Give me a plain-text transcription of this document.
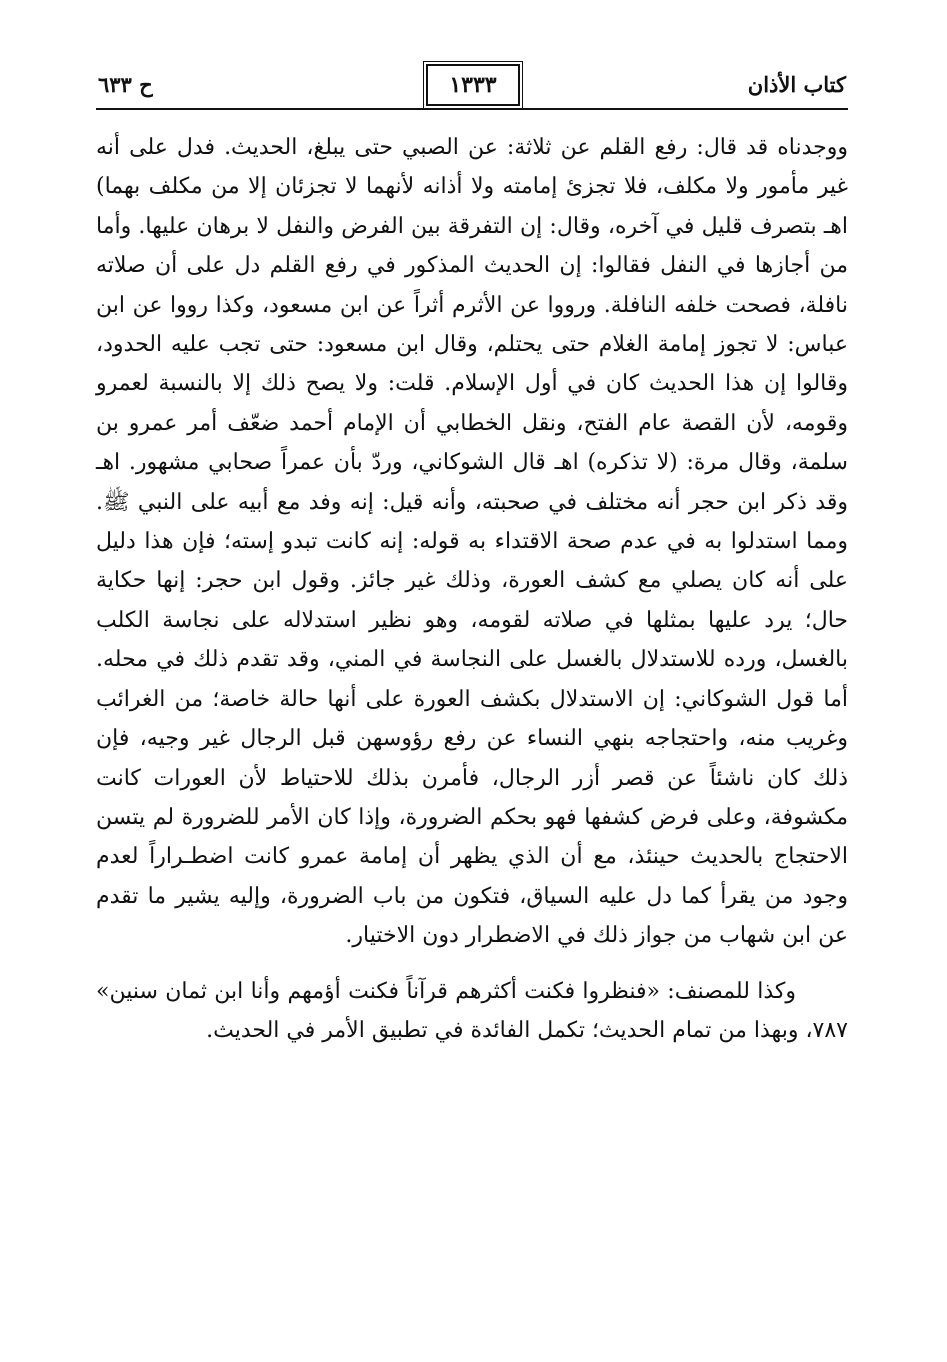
كتاب الأذان
١٣٣٣
ح ٦٣٣

ووجدناه قد قال: رفع القلم عن ثلاثة: عن الصبي حتى يبلغ، الحديث. فدل على أنه غير مأمور ولا مكلف، فلا تجزئ إمامته ولا أذانه لأنهما لا تجزئان إلا من مكلف بهما) اهـ بتصرف قليل في آخره، وقال: إن التفرقة بين الفرض والنفل لا برهان عليها. وأما من أجازها في النفل فقالوا: إن الحديث المذكور في رفع القلم دل على أن صلاته نافلة، فصحت خلفه النافلة. ورووا عن الأثرم أثراً عن ابن مسعود، وكذا رووا عن ابن عباس: لا تجوز إمامة الغلام حتى يحتلم، وقال ابن مسعود: حتى تجب عليه الحدود، وقالوا إن هذا الحديث كان في أول الإسلام. قلت: ولا يصح ذلك إلا بالنسبة لعمرو وقومه، لأن القصة عام الفتح، ونقل الخطابي أن الإمام أحمد ضعّف أمر عمرو بن سلمة، وقال مرة: (لا تذكره) اهـ قال الشوكاني، وردّ بأن عمراً صحابي مشهور. اهـ وقد ذكر ابن حجر أنه مختلف في صحبته، وأنه قيل: إنه وفد مع أبيه على النبي ﷺ. ومما استدلوا به في عدم صحة الاقتداء به قوله: إنه كانت تبدو إسته؛ فإن هذا دليل على أنه كان يصلي مع كشف العورة، وذلك غير جائز. وقول ابن حجر: إنها حكاية حال؛ يرد عليها بمثلها في صلاته لقومه، وهو نظير استدلاله على نجاسة الكلب بالغسل، ورده للاستدلال بالغسل على النجاسة في المني، وقد تقدم ذلك في محله. أما قول الشوكاني: إن الاستدلال بكشف العورة على أنها حالة خاصة؛ من الغرائب وغريب منه، واحتجاجه بنهي النساء عن رفع رؤوسهن قبل الرجال غير وجيه، فإن ذلك كان ناشئاً عن قصر أزر الرجال، فأمرن بذلك للاحتياط لأن العورات كانت مكشوفة، وعلى فرض كشفها فهو بحكم الضرورة، وإذا كان الأمر للضرورة لم يتسن الاحتجاج بالحديث حينئذ، مع أن الذي يظهر أن إمامة عمرو كانت اضطـراراً لعدم وجود من يقرأ كما دل عليه السياق، فتكون من باب الضرورة، وإليه يشير ما تقدم عن ابن شهاب من جواز ذلك في الاضطرار دون الاختيار.

وكذا للمصنف: «فنظروا فكنت أكثرهم قرآناً فكنت أؤمهم وأنا ابن ثمان سنين» ٧٨٧، وبهذا من تمام الحديث؛ تكمل الفائدة في تطبيق الأمر في الحديث.
